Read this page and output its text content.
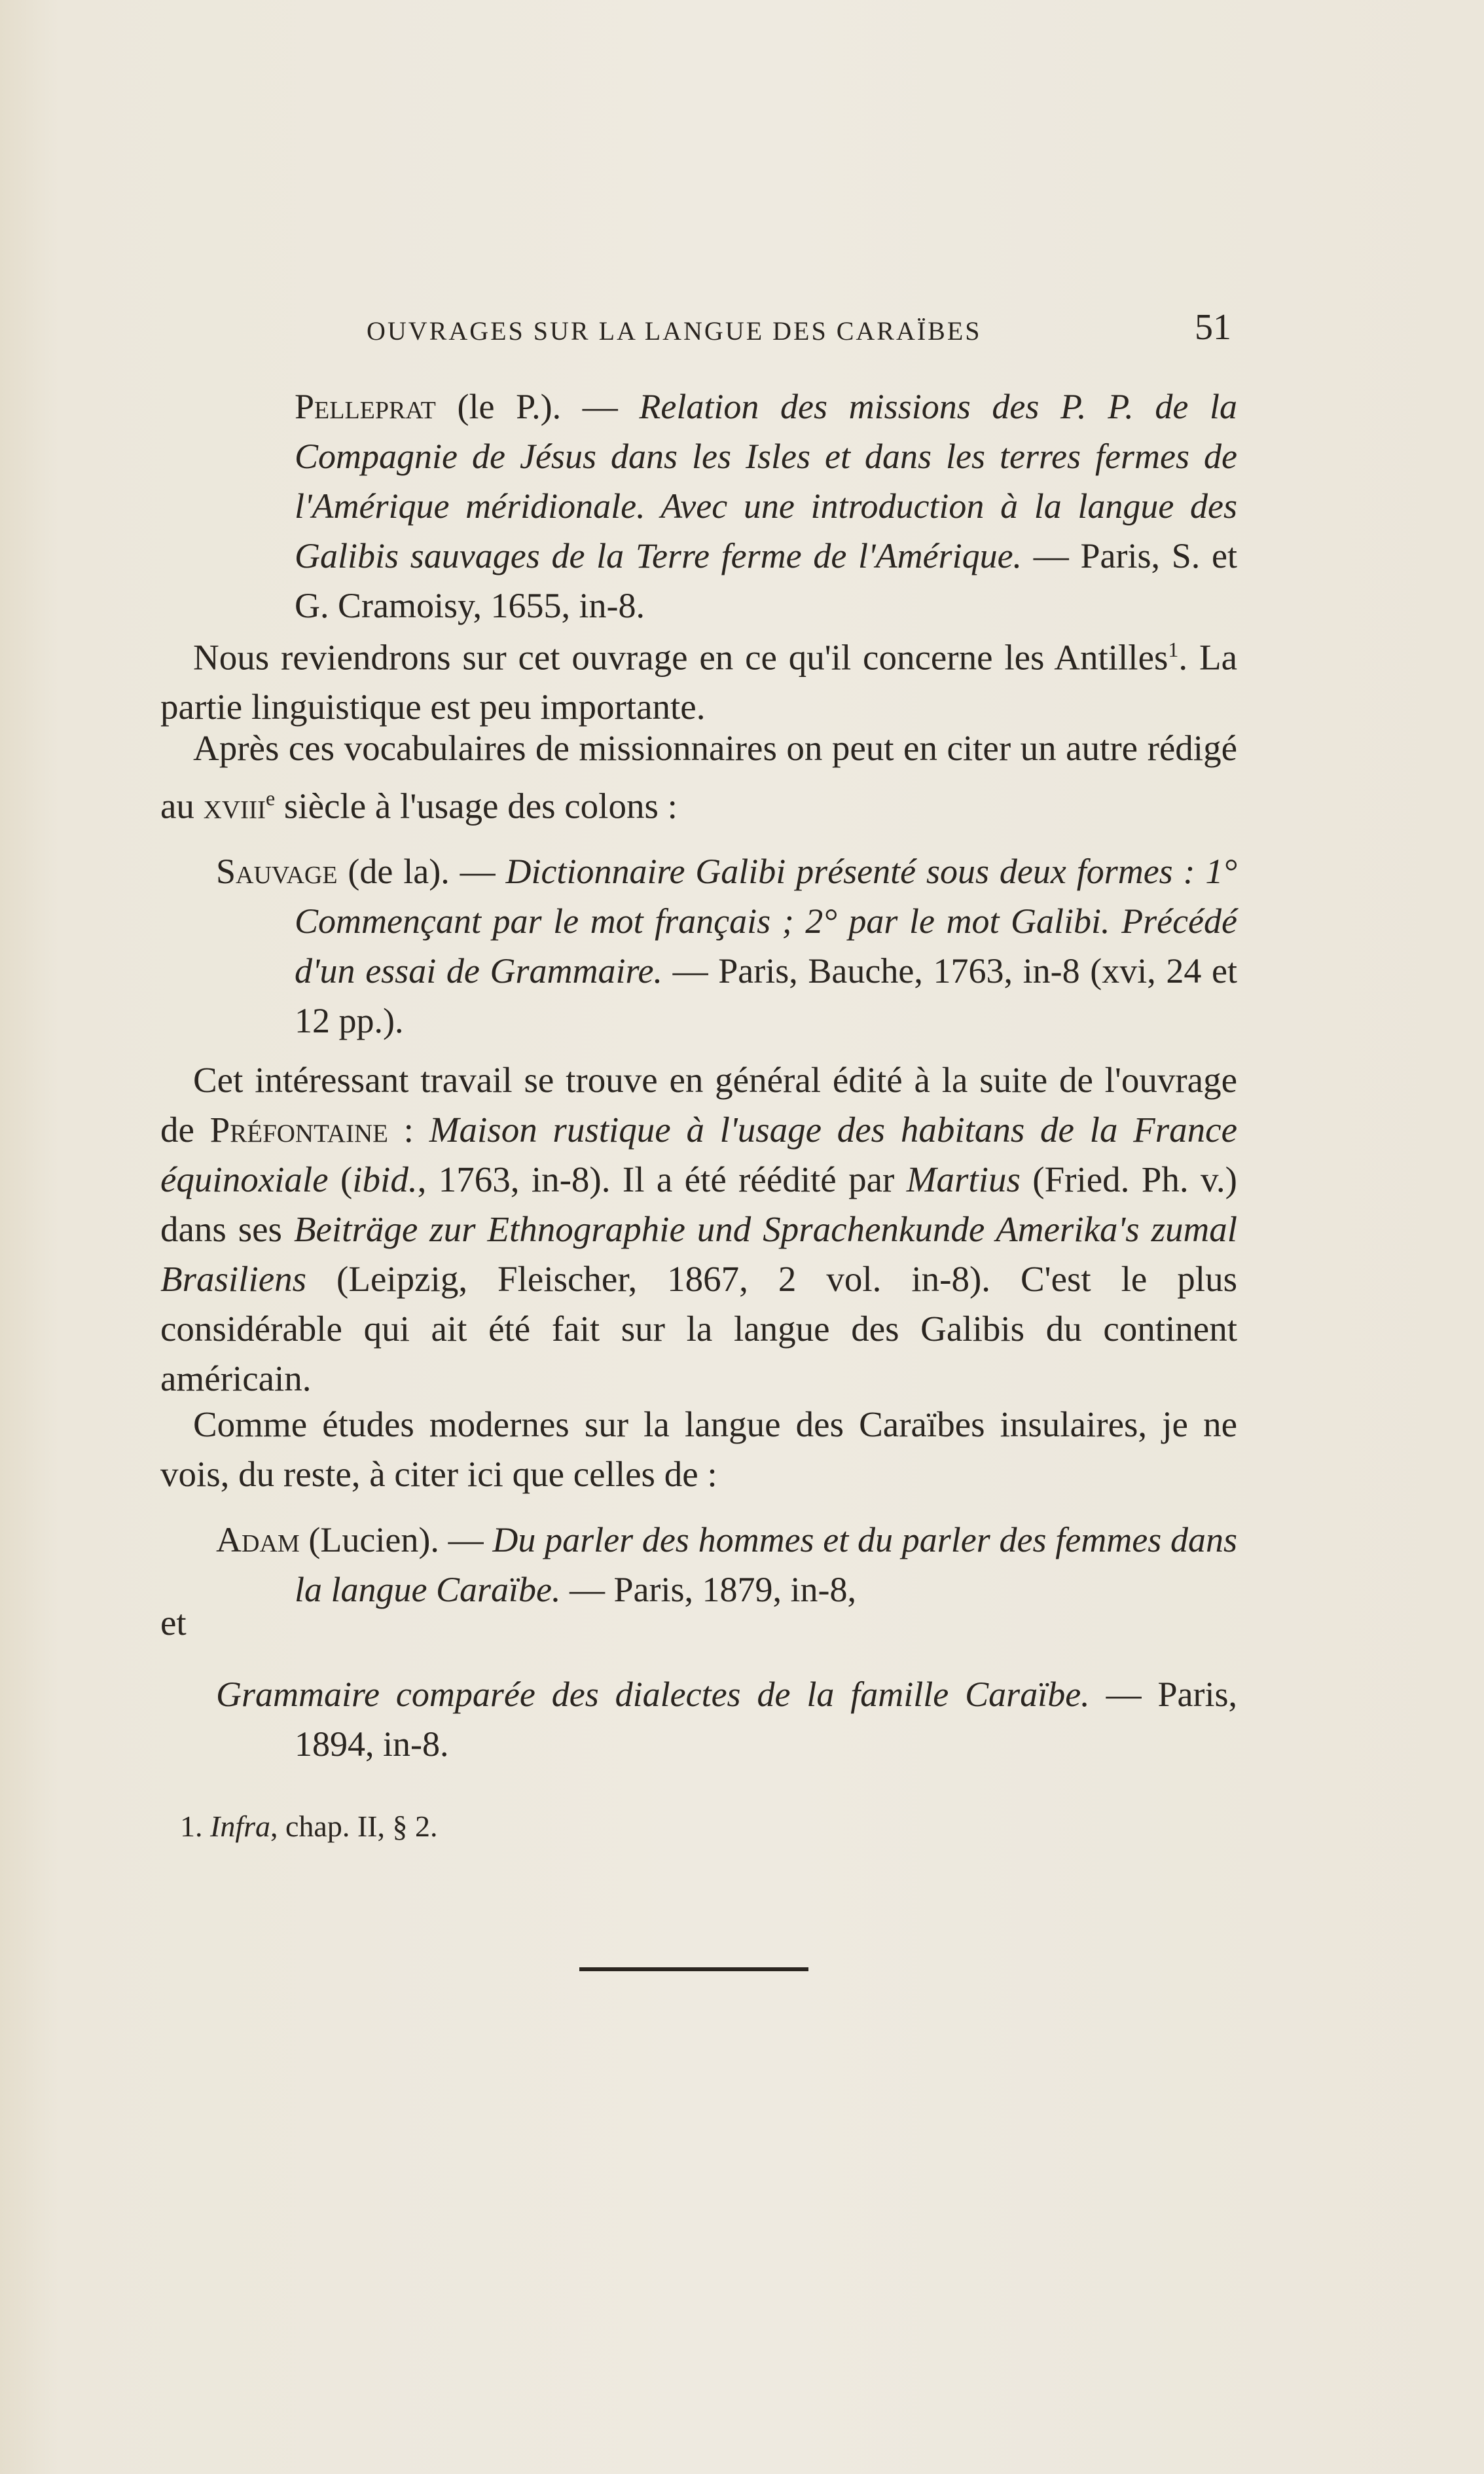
OUVRAGES SUR LA LANGUE DES CARAÏBES	51

Pelleprat (le P.). — Relation des missions des P. P. de la Compagnie de Jésus dans les Isles et dans les terres fermes de l'Amérique méridionale. Avec une introduction à la langue des Galibis sauvages de la Terre ferme de l'Amérique. — Paris, S. et G. Cramoisy, 1655, in-8.

Nous reviendrons sur cet ouvrage en ce qu'il concerne les Antilles$^1$. La partie linguistique est peu importante.
Après ces vocabulaires de missionnaires on peut en citer un autre rédigé au xviii$^e$ siècle à l'usage des colons :

Sauvage (de la). — Dictionnaire Galibi présenté sous deux formes : 1° Commençant par le mot français ; 2° par le mot Galibi. Précédé d'un essai de Grammaire. — Paris, Bauche, 1763, in-8 (xvi, 24 et 12 pp.).

Cet intéressant travail se trouve en général édité à la suite de l'ouvrage de Préfontaine : Maison rustique à l'usage des habitans de la France équinoxiale (ibid., 1763, in-8). Il a été réédité par Martius (Fried. Ph. v.) dans ses Beiträge zur Ethnographie und Sprachenkunde Amerika's zumal Brasiliens (Leipzig, Fleischer, 1867, 2 vol. in-8). C'est le plus considérable qui ait été fait sur la langue des Galibis du continent américain.
Comme études modernes sur la langue des Caraïbes insulaires, je ne vois, du reste, à citer ici que celles de :

Adam (Lucien). — Du parler des hommes et du parler des femmes dans la langue Caraïbe. — Paris, 1879, in-8,

et

Grammaire comparée des dialectes de la famille Caraïbe. — Paris, 1894, in-8.

1. Infra, chap. II, § 2.
